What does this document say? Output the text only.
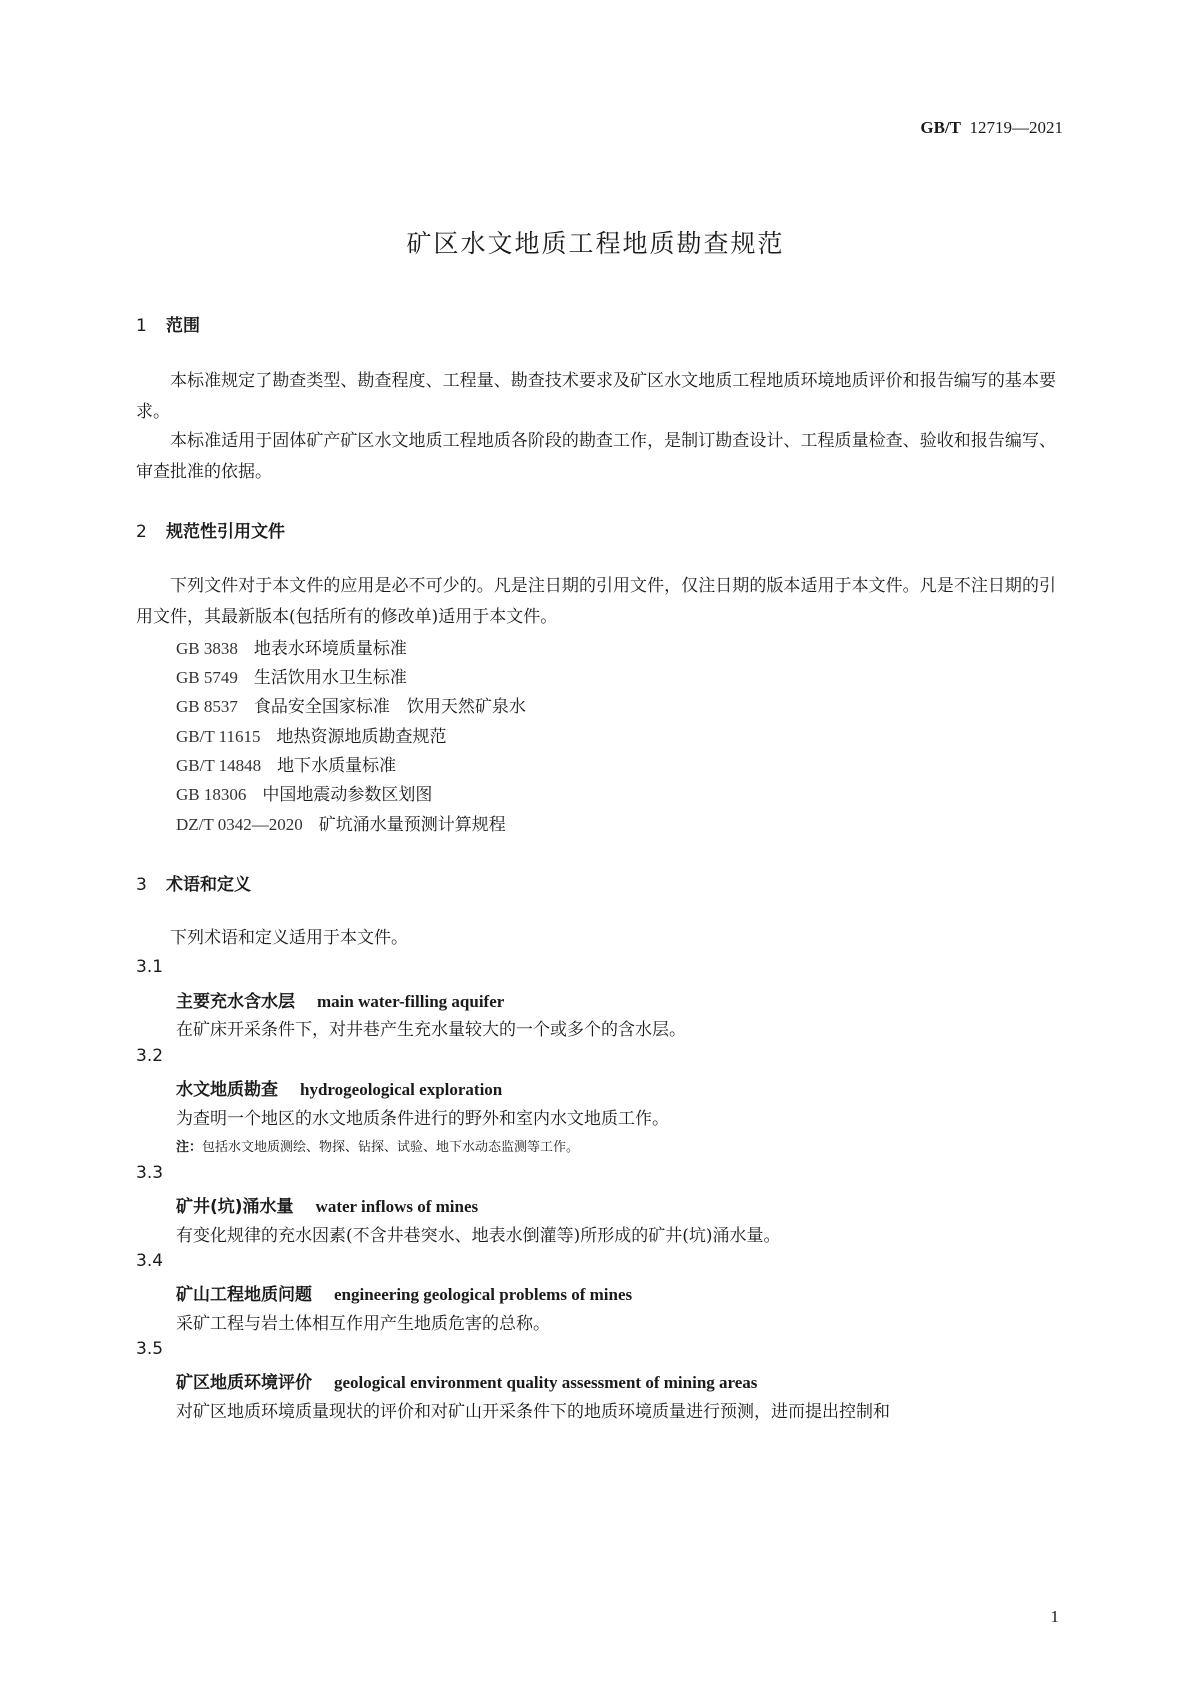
GB/T 12719—2021
矿区水文地质工程地质勘查规范
1 范围
本标准规定了勘查类型、勘查程度、工程量、勘查技术要求及矿区水文地质工程地质环境地质评价和报告编写的基本要求。
本标准适用于固体矿产矿区水文地质工程地质各阶段的勘查工作，是制订勘查设计、工程质量检查、验收和报告编写、审查批准的依据。
2 规范性引用文件
下列文件对于本文件的应用是必不可少的。凡是注日期的引用文件，仅注日期的版本适用于本文件。凡是不注日期的引用文件，其最新版本(包括所有的修改单)适用于本文件。
GB 3838 地表水环境质量标准
GB 5749 生活饮用水卫生标准
GB 8537 食品安全国家标准　饮用天然矿泉水
GB/T 11615 地热资源地质勘查规范
GB/T 14848 地下水质量标准
GB 18306 中国地震动参数区划图
DZ/T 0342—2020 矿坑涌水量预测计算规程
3 术语和定义
下列术语和定义适用于本文件。
3.1
主要充水含水层 main water-filling aquifer
在矿床开采条件下，对井巷产生充水量较大的一个或多个的含水层。
3.2
水文地质勘查 hydrogeological exploration
为查明一个地区的水文地质条件进行的野外和室内水文地质工作。
注：包括水文地质测绘、物探、钻探、试验、地下水动态监测等工作。
3.3
矿井(坑)涌水量 water inflows of mines
有变化规律的充水因素(不含井巷突水、地表水倒灌等)所形成的矿井(坑)涌水量。
3.4
矿山工程地质问题 engineering geological problems of mines
采矿工程与岩土体相互作用产生地质危害的总称。
3.5
矿区地质环境评价 geological environment quality assessment of mining areas
对矿区地质环境质量现状的评价和对矿山开采条件下的地质环境质量进行预测，进而提出控制和
1
